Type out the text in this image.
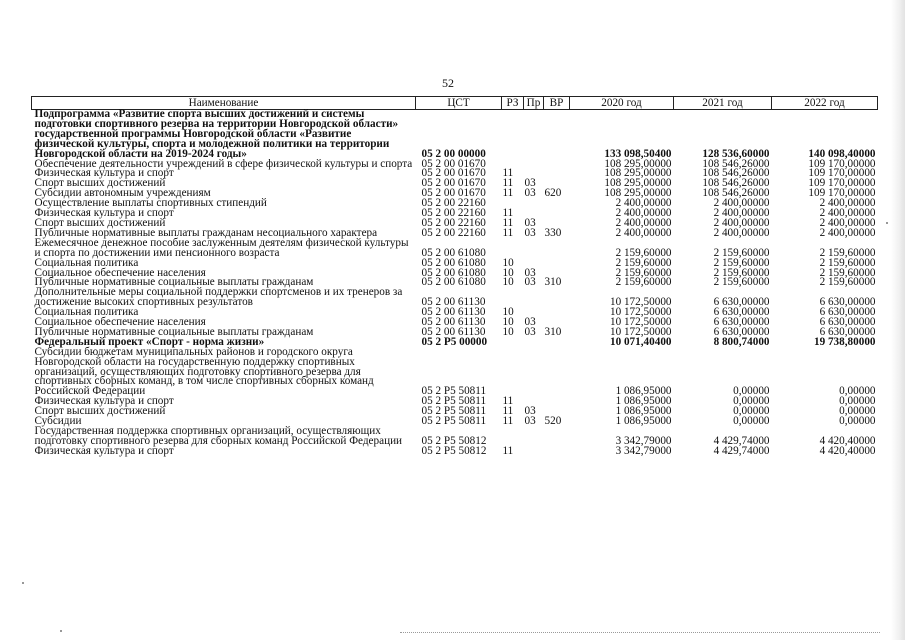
52
Наименование	ЦСТ	РЗ	Пр	ВР	2020 год	2021 год	2022 год
Подпрограмма «Развитие спорта высших достижений и системы подготовки спортивного резерва на территории Новгородской области» государственной программы Новгородской области «Развитие физической культуры, спорта и молодежной политики на территории Новгородской области на 2019-2024 годы»	05 2 00 00000				133 098,50400	128 536,60000	140 098,40000
Обеспечение деятельности учреждений в сфере физической культуры и спорта	05 2 00 01670				108 295,00000	108 546,26000	109 170,00000
Физическая культура и спорт	05 2 00 01670	11			108 295,00000	108 546,26000	109 170,00000
Спорт высших достижений	05 2 00 01670	11	03		108 295,00000	108 546,26000	109 170,00000
Субсидии автономным учреждениям	05 2 00 01670	11	03	620	108 295,00000	108 546,26000	109 170,00000
Осуществление выплаты спортивных стипендий	05 2 00 22160				2 400,00000	2 400,00000	2 400,00000
Физическая культура и спорт	05 2 00 22160	11			2 400,00000	2 400,00000	2 400,00000
Спорт высших достижений	05 2 00 22160	11	03		2 400,00000	2 400,00000	2 400,00000
Публичные нормативные выплаты гражданам несоциального характера	05 2 00 22160	11	03	330	2 400,00000	2 400,00000	2 400,00000
Ежемесячное денежное пособие заслуженным деятелям физической культуры и спорта по достижении ими пенсионного возраста	05 2 00 61080				2 159,60000	2 159,60000	2 159,60000
Социальная политика	05 2 00 61080	10			2 159,60000	2 159,60000	2 159,60000
Социальное обеспечение населения	05 2 00 61080	10	03		2 159,60000	2 159,60000	2 159,60000
Публичные нормативные социальные выплаты гражданам	05 2 00 61080	10	03	310	2 159,60000	2 159,60000	2 159,60000
Дополнительные меры социальной поддержки спортсменов и их тренеров за достижение высоких спортивных результатов	05 2 00 61130				10 172,50000	6 630,00000	6 630,00000
Социальная политика	05 2 00 61130	10			10 172,50000	6 630,00000	6 630,00000
Социальное обеспечение населения	05 2 00 61130	10	03		10 172,50000	6 630,00000	6 630,00000
Публичные нормативные социальные выплаты гражданам	05 2 00 61130	10	03	310	10 172,50000	6 630,00000	6 630,00000
Федеральный проект «Спорт - норма жизни»	05 2 P5 00000				10 071,40400	8 800,74000	19 738,80000
Субсидии бюджетам муниципальных районов и городского округа Новгородской области на государственную поддержку спортивных организаций, осуществляющих подготовку спортивного резерва для спортивных сборных команд, в том числе спортивных сборных команд Российской Федерации	05 2 P5 50811				1 086,95000	0,00000	0,00000
Физическая культура и спорт	05 2 P5 50811	11			1 086,95000	0,00000	0,00000
Спорт высших достижений	05 2 P5 50811	11	03		1 086,95000	0,00000	0,00000
Субсидии	05 2 P5 50811	11	03	520	1 086,95000	0,00000	0,00000
Государственная поддержка спортивных организаций, осуществляющих подготовку спортивного резерва для сборных команд Российской Федерации	05 2 P5 50812				3 342,79000	4 429,74000	4 420,40000
Физическая культура и спорт	05 2 P5 50812	11			3 342,79000	4 429,74000	4 420,40000
